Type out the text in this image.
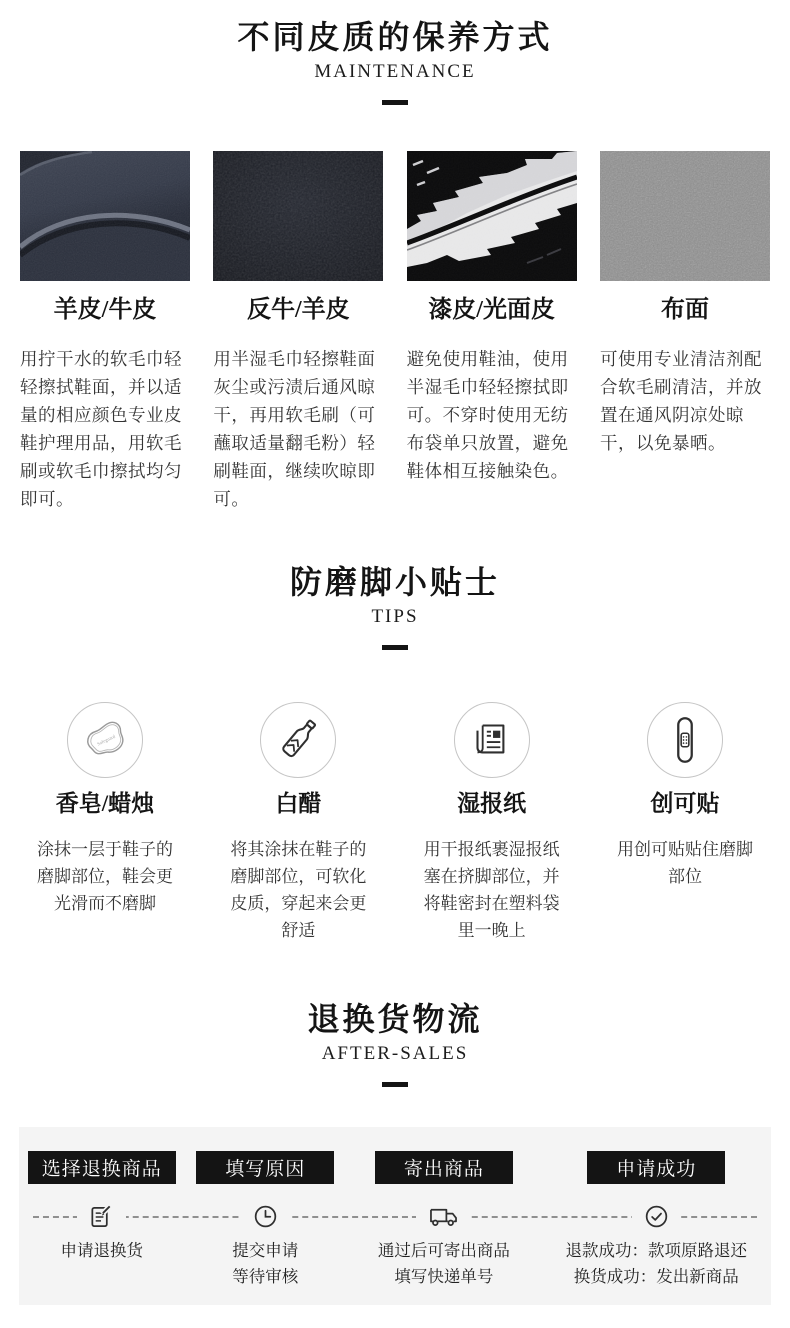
不同皮质的保养方式
MAINTENANCE
羊皮/牛皮

用拧干水的软毛巾轻轻擦拭鞋面，并以适量的相应颜色专业皮鞋护理用品，用软毛刷或软毛巾擦拭均匀即可。

反牛/羊皮

用半湿毛巾轻擦鞋面灰尘或污渍后通风晾干，再用软毛刷（可蘸取适量翻毛粉）轻刷鞋面，继续吹晾即可。

漆皮/光面皮

避免使用鞋油，使用半湿毛巾轻轻擦拭即可。不穿时使用无纺布袋单只放置，避免鞋体相互接触染色。

布面

可使用专业清洁剂配合软毛刷清洁，并放置在通风阴凉处晾干，以免暴晒。

防磨脚小贴士
TIPS
Safeguard
香皂/蜡烛

涂抹一层于鞋子的磨脚部位，鞋会更光滑而不磨脚

白醋

将其涂抹在鞋子的磨脚部位，可软化皮质，穿起来会更舒适

湿报纸

用干报纸裹湿报纸塞在挤脚部位，并将鞋密封在塑料袋里一晚上

创可贴

用创可贴贴住磨脚部位

退换货物流
AFTER-SALES
选择退换商品
申请退换货
填写原因
提交申请
等待审核
寄出商品
通过后可寄出商品
填写快递单号
申请成功
退款成功：款项原路退还
换货成功：发出新商品
